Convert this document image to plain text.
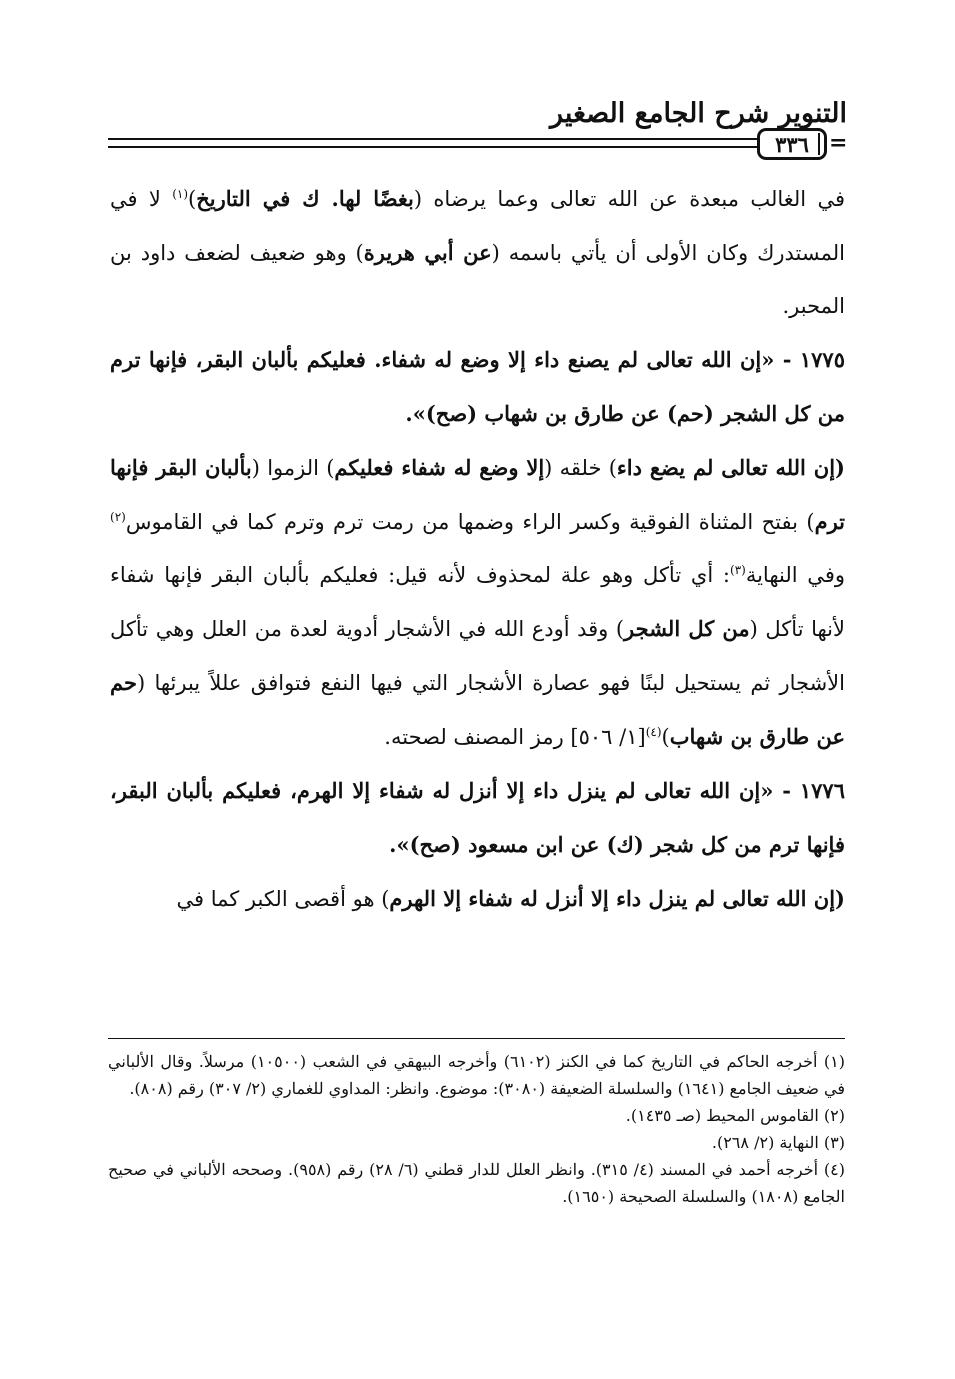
التنوير شرح الجامع الصغير
٣٣٦ =

في الغالب مبعدة عن الله تعالى وعما يرضاه (بغضًا لها. ك في التاريخ)$^{(١)}$ لا في المستدرك وكان الأولى أن يأتي باسمه (عن أبي هريرة) وهو ضعيف لضعف داود بن المحبر.

١٧٧٥ - «إن الله تعالى لم يصنع داء إلا وضع له شفاء. فعليكم بألبان البقر، فإنها ترم من كل الشجر (حم) عن طارق بن شهاب (صح)».

(إن الله تعالى لم يضع داء) خلقه (إلا وضع له شفاء فعليكم) الزموا (بألبان البقر فإنها ترم) بفتح المثناة الفوقية وكسر الراء وضمها من رمت ترم وترم كما في القاموس$^{(٢)}$ وفي النهاية$^{(٣)}$: أي تأكل وهو علة لمحذوف لأنه قيل: فعليكم بألبان البقر فإنها شفاء لأنها تأكل (من كل الشجر) وقد أودع الله في الأشجار أدوية لعدة من العلل وهي تأكل الأشجار ثم يستحيل لبنًا فهو عصارة الأشجار التي فيها النفع فتوافق عللاً يبرئها (حم عن طارق بن شهاب)$^{(٤)}$[١/ ٥٠٦] رمز المصنف لصحته.

١٧٧٦ - «إن الله تعالى لم ينزل داء إلا أنزل له شفاء إلا الهرم، فعليكم بألبان البقر، فإنها ترم من كل شجر (ك) عن ابن مسعود (صح)».

(إن الله تعالى لم ينزل داء إلا أنزل له شفاء إلا الهرم) هو أقصى الكبر كما في

(١) أخرجه الحاكم في التاريخ كما في الكنز (٦١٠٢) وأخرجه البيهقي في الشعب (١٠٥٠٠) مرسلاً. وقال الألباني في ضعيف الجامع (١٦٤١) والسلسلة الضعيفة (٣٠٨٠): موضوع. وانظر: المداوي للغماري (٢/ ٣٠٧) رقم (٨٠٨).

(٢) القاموس المحيط (صـ ١٤٣٥).

(٣) النهاية (٢/ ٢٦٨).

(٤) أخرجه أحمد في المسند (٤/ ٣١٥). وانظر العلل للدار قطني (٦/ ٢٨) رقم (٩٥٨). وصححه الألباني في صحيح الجامع (١٨٠٨) والسلسلة الصحيحة (١٦٥٠).
